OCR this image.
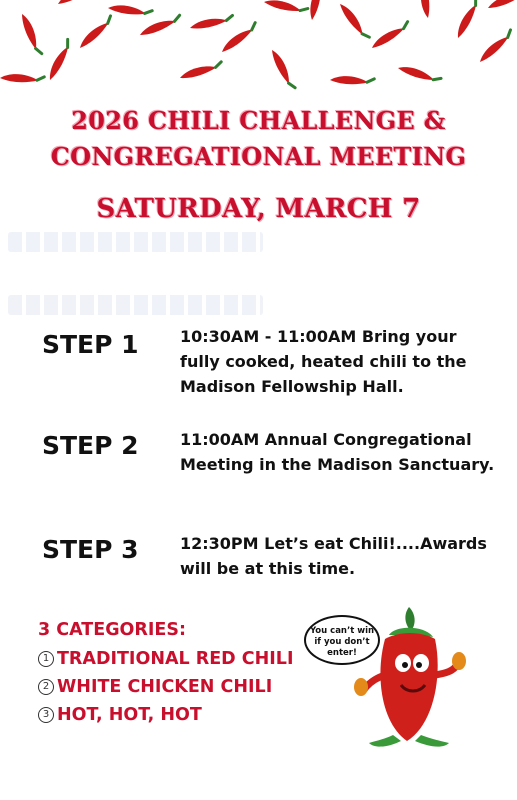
2026 CHILI CHALLENGE &
CONGREGATIONAL MEETING
SATURDAY, MARCH 7
STEP 1	10:30AM - 11:00AM Bring your fully cooked, heated chili to the Madison Fellowship Hall.
STEP 2	11:00AM Annual Congregational Meeting in the Madison Sanctuary.
STEP 3	12:30PM Let’s eat Chili!....Awards will be at this time.
3 CATEGORIES:
1 TRADITIONAL RED CHILI
2 WHITE CHICKEN CHILI
3 HOT, HOT, HOT
You can’t win if you don’t enter!
